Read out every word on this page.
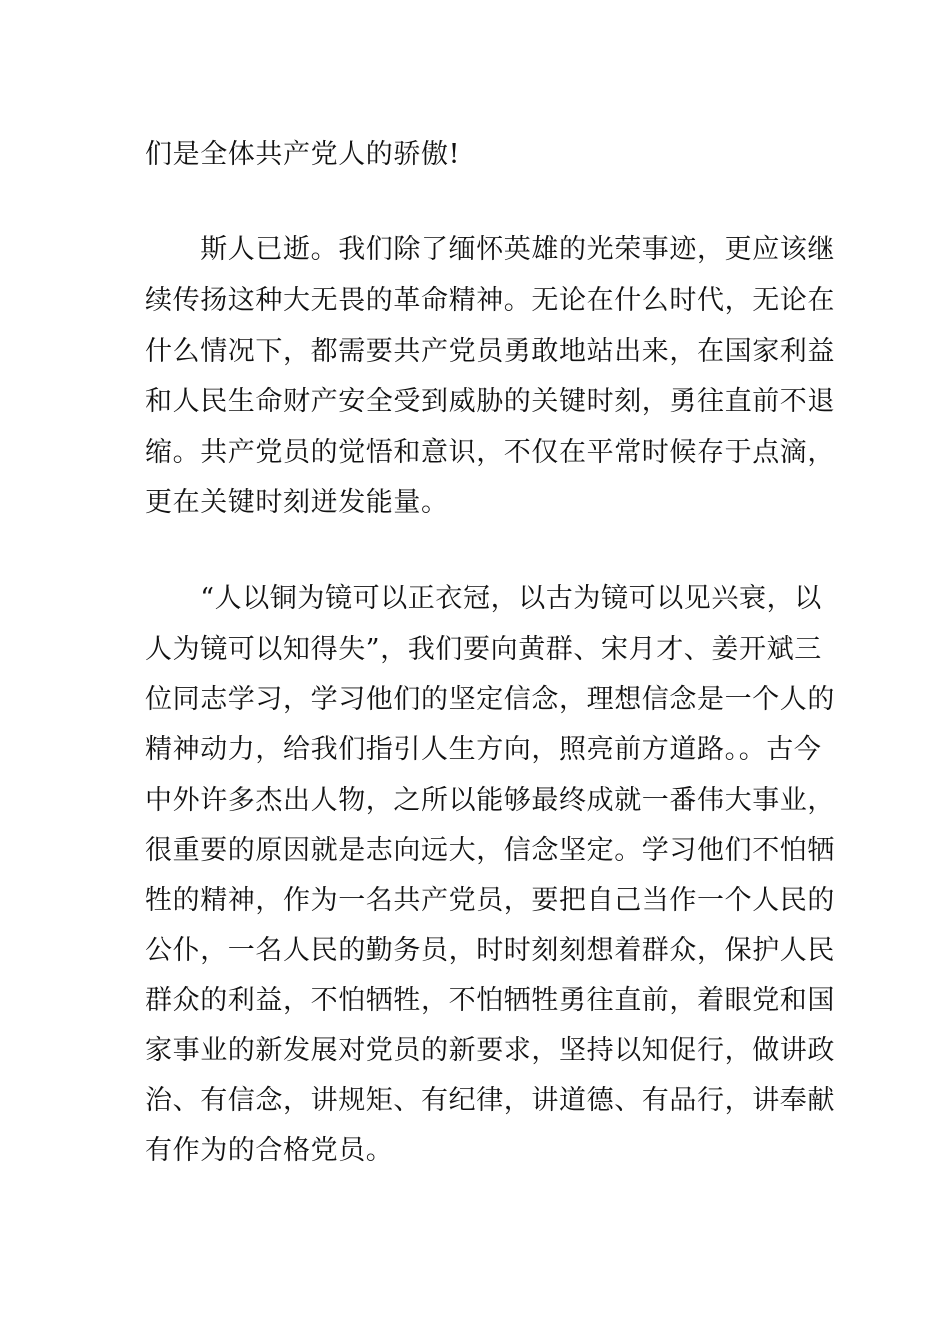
们是全体共产党人的骄傲!
　　斯人已逝。我们除了缅怀英雄的光荣事迹，更应该继
续传扬这种大无畏的革命精神。无论在什么时代，无论在
什么情况下，都需要共产党员勇敢地站出来，在国家利益
和人民生命财产安全受到威胁的关键时刻，勇往直前不退
缩。共产党员的觉悟和意识，不仅在平常时候存于点滴，
更在关键时刻迸发能量。
　　“人以铜为镜可以正衣冠，以古为镜可以见兴衰，以
人为镜可以知得失”，我们要向黄群、宋月才、姜开斌三
位同志学习，学习他们的坚定信念，理想信念是一个人的
精神动力，给我们指引人生方向，照亮前方道路。。古今
中外许多杰出人物，之所以能够最终成就一番伟大事业，
很重要的原因就是志向远大，信念坚定。学习他们不怕牺
牲的精神，作为一名共产党员，要把自己当作一个人民的
公仆，一名人民的勤务员，时时刻刻想着群众，保护人民
群众的利益，不怕牺牲，不怕牺牲勇往直前，着眼党和国
家事业的新发展对党员的新要求，坚持以知促行，做讲政
治、有信念，讲规矩、有纪律，讲道德、有品行，讲奉献
有作为的合格党员。
